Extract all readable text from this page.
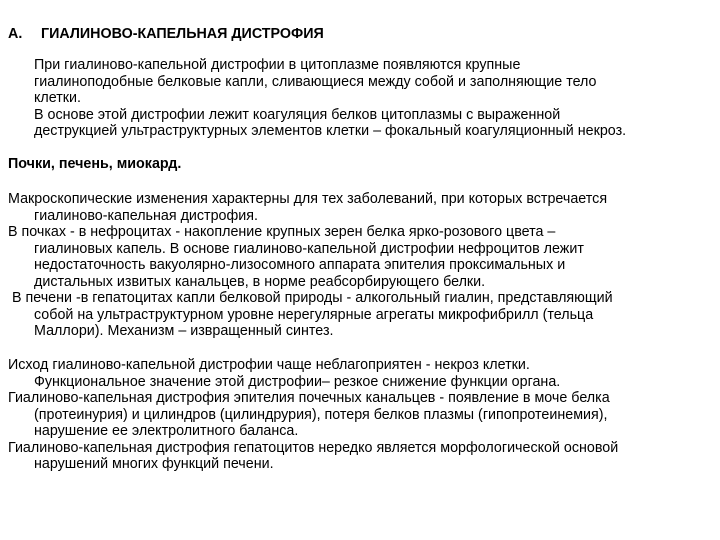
А. ГИАЛИНОВО-КАПЕЛЬНАЯ ДИСТРОФИЯ
При гиалиново-капельной дистрофии в цитоплазме появляются крупные
гиалиноподобные белковые капли, сливающиеся между собой и заполняющие тело
клетки.
В основе этой дистрофии лежит коагуляция белков цитоплазмы с выраженной
деструкцией ультраструктурных элементов клетки – фокальный коагуляционный некроз.
Почки, печень, миокард.
Макроскопические изменения характерны для тех заболеваний, при которых встречается
гиалиново-капельная дистрофия.
В почках - в нефроцитах - накопление крупных зерен белка ярко-розового цвета –
гиалиновых капель. В основе гиалиново-капельной дистрофии нефроцитов лежит
недостаточность вакуолярно-лизосомного аппарата эпителия проксимальных и
дистальных извитых канальцев, в норме реабсорбирующего белки.
В печени -в гепатоцитах капли белковой природы - алкогольный гиалин, представляющий
собой на ультраструктурном уровне нерегулярные агрегаты микрофибрилл (тельца
Маллори). Механизм – извращенный синтез.
Исход гиалиново-капельной дистрофии чаще неблагоприятен - некроз клетки.
Функциональное значение этой дистрофии– резкое снижение функции органа.
Гиалиново-капельная дистрофия эпителия почечных канальцев - появление в моче белка
(протеинурия) и цилиндров (цилиндрурия), потеря белков плазмы (гипопротеинемия),
нарушение ее электролитного баланса.
Гиалиново-капельная дистрофия гепатоцитов нередко является морфологической основой
нарушений многих функций печени.
